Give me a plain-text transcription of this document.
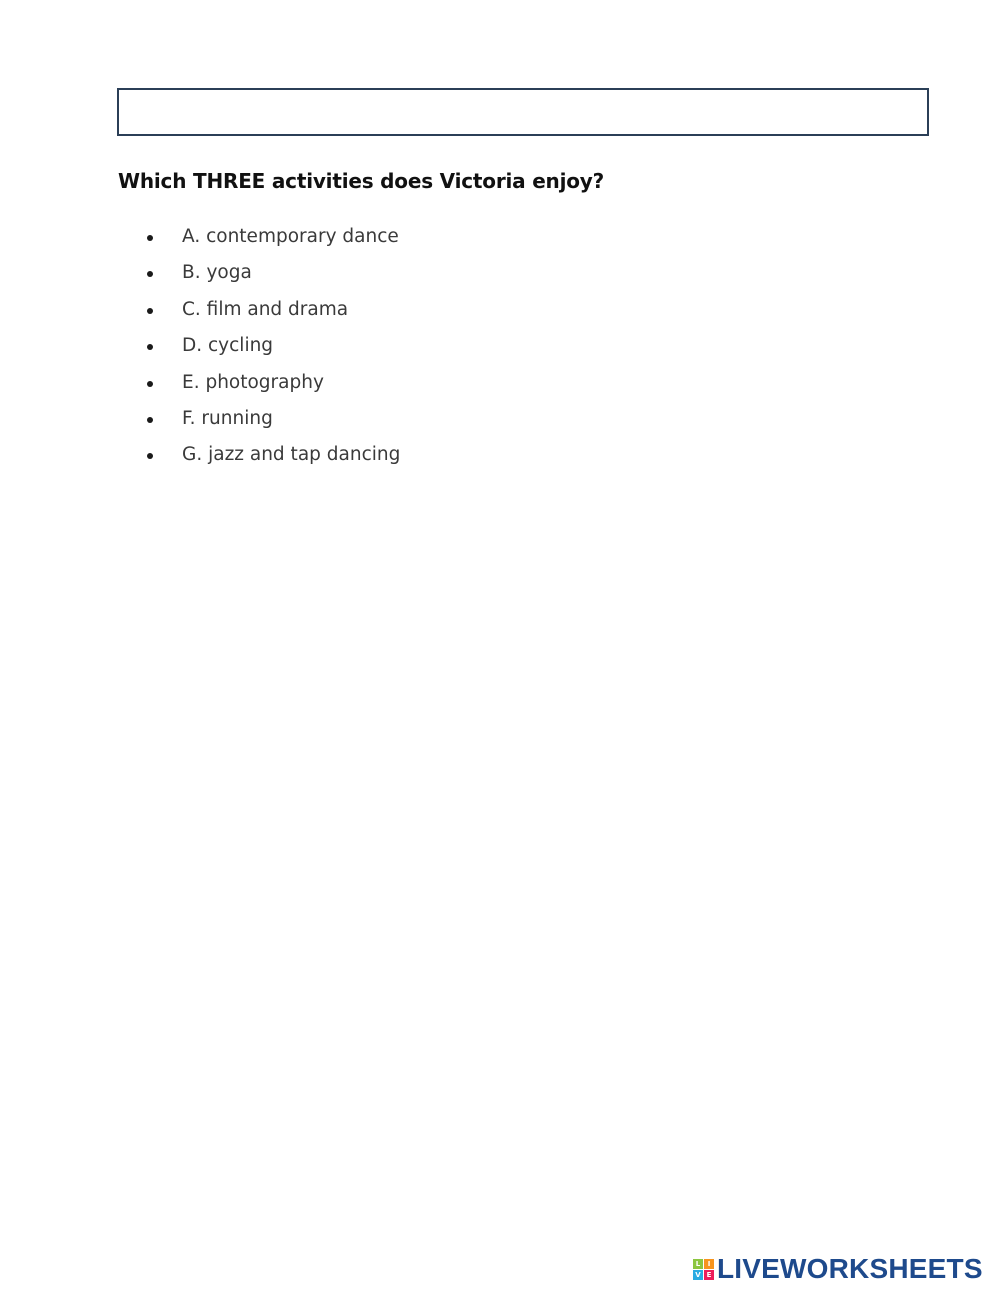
Which THREE activities does Victoria enjoy?
A. contemporary dance
B. yoga
C. film and drama
D. cycling
E. photography
F. running
G. jazz and tap dancing
L	I
V E LIVEWORKSHEETS
